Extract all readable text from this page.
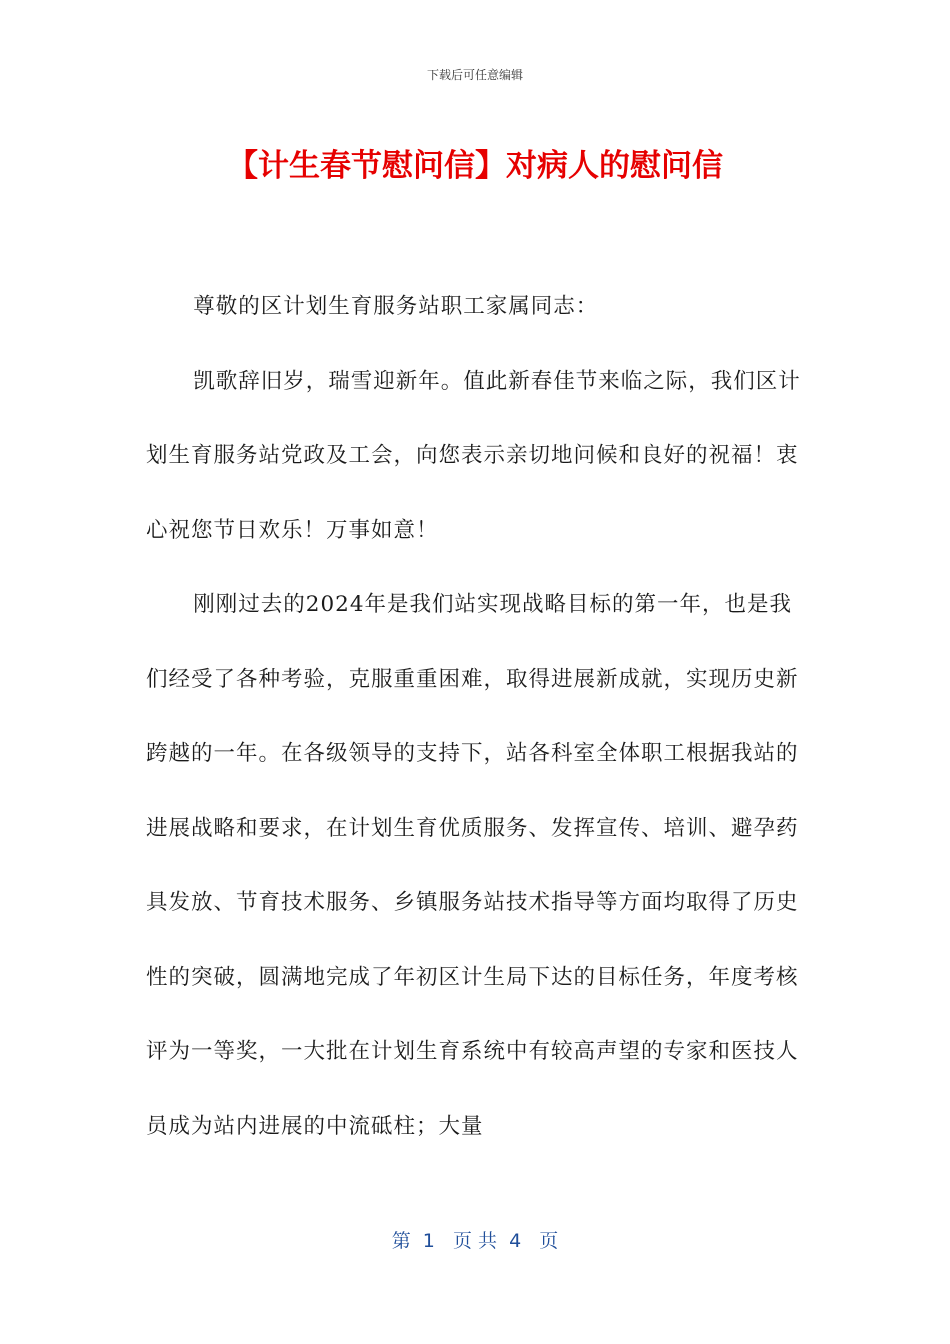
下载后可任意编辑
【计生春节慰问信】对病人的慰问信

尊敬的区计划生育服务站职工家属同志：

凯歌辞旧岁，瑞雪迎新年。值此新春佳节来临之际，我们区计划生育服务站党政及工会，向您表示亲切地问候和良好的祝福！衷心祝您节日欢乐！万事如意！

刚刚过去的2024年是我们站实现战略目标的第一年，也是我们经受了各种考验，克服重重困难，取得进展新成就，实现历史新跨越的一年。在各级领导的支持下，站各科室全体职工根据我站的进展战略和要求，在计划生育优质服务、发挥宣传、培训、避孕药具发放、节育技术服务、乡镇服务站技术指导等方面均取得了历史性的突破，圆满地完成了年初区计生局下达的目标任务，年度考核评为一等奖，一大批在计划生育系统中有较高声望的专家和医技人员成为站内进展的中流砥柱；大量

第  1   页 共  4   页
